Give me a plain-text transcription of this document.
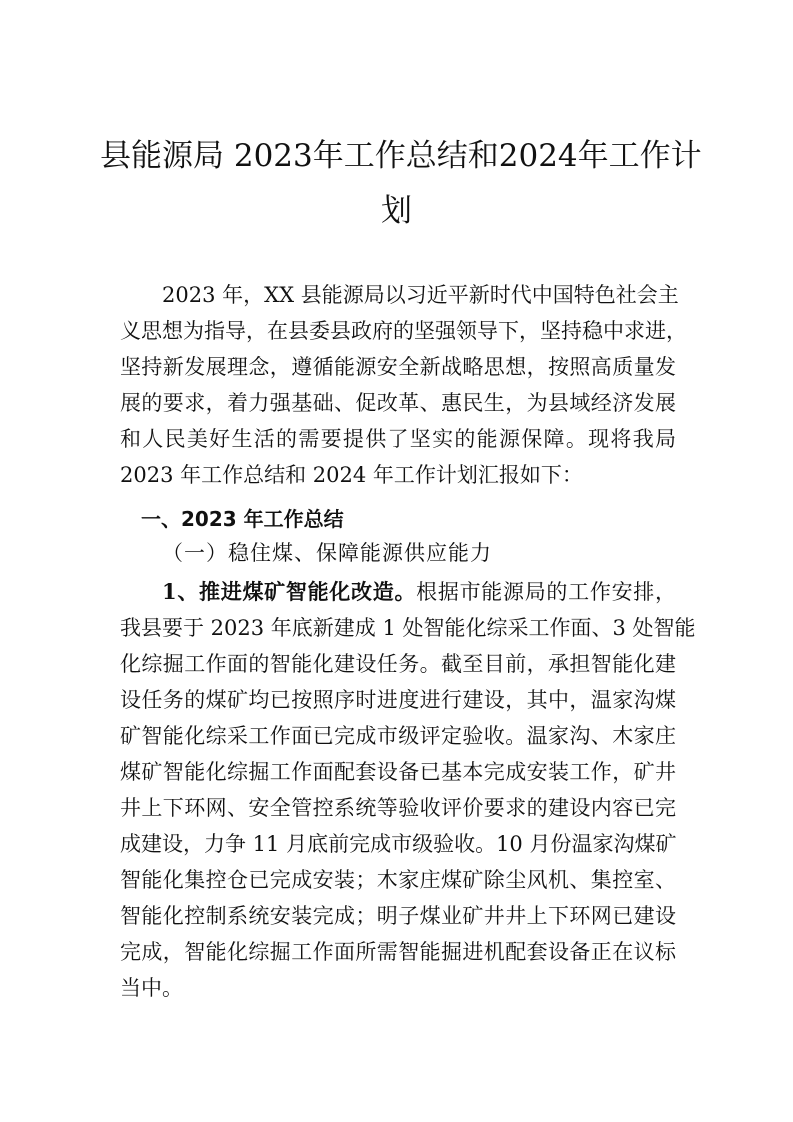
县能源局 2023年工作总结和2024年工作计
划
2023 年，XX 县能源局以习近平新时代中国特色社会主
义思想为指导，在县委县政府的坚强领导下，坚持稳中求进，
坚持新发展理念，遵循能源安全新战略思想，按照高质量发
展的要求，着力强基础、促改革、惠民生，为县域经济发展
和人民美好生活的需要提供了坚实的能源保障。现将我局
2023 年工作总结和 2024 年工作计划汇报如下：
一、2023 年工作总结
（一）稳住煤、保障能源供应能力
1、推进煤矿智能化改造。根据市能源局的工作安排，
我县要于 2023 年底新建成 1 处智能化综采工作面、3 处智能
化综掘工作面的智能化建设任务。截至目前，承担智能化建
设任务的煤矿均已按照序时进度进行建设，其中，温家沟煤
矿智能化综采工作面已完成市级评定验收。温家沟、木家庄
煤矿智能化综掘工作面配套设备已基本完成安装工作，矿井
井上下环网、安全管控系统等验收评价要求的建设内容已完
成建设，力争 11 月底前完成市级验收。10 月份温家沟煤矿
智能化集控仓已完成安装；木家庄煤矿除尘风机、集控室、
智能化控制系统安装完成；明子煤业矿井井上下环网已建设
完成，智能化综掘工作面所需智能掘进机配套设备正在议标
当中。
